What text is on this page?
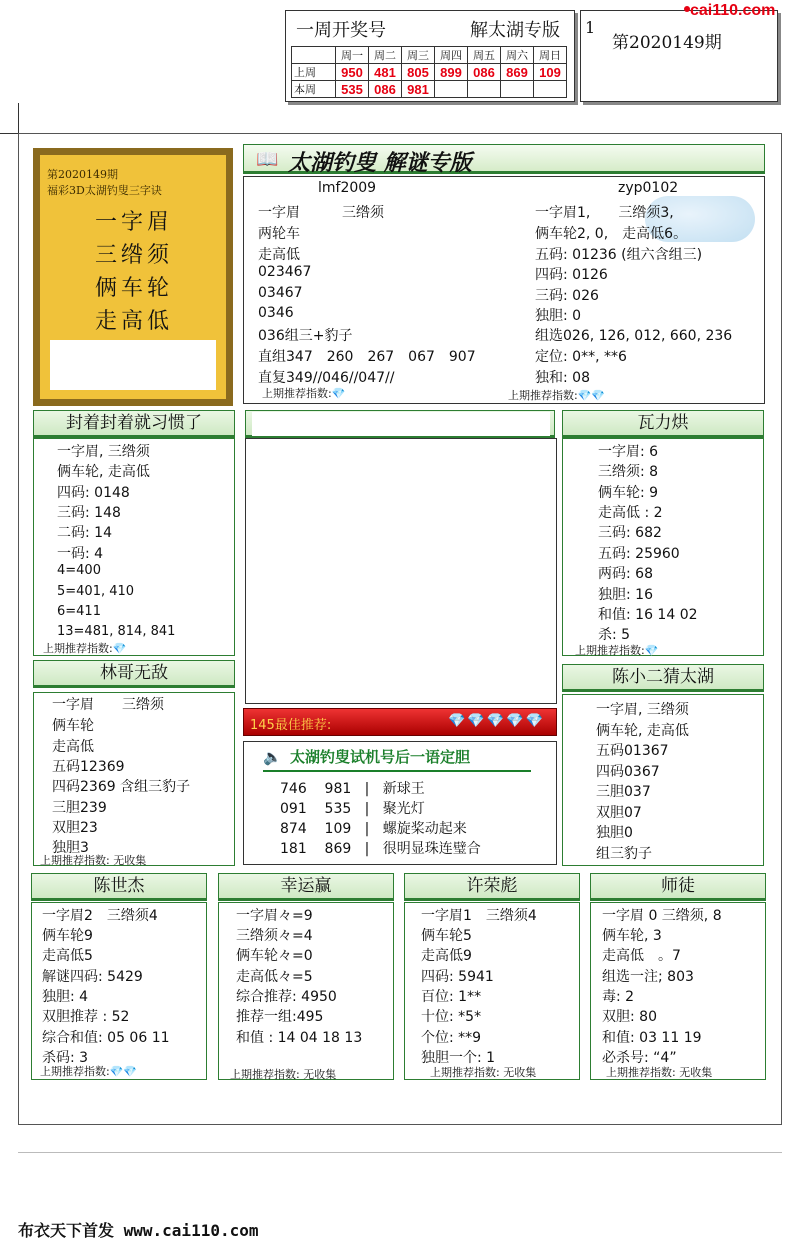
一周开奖号	解太湖专版 1
第2020149期
cai110.com
	周一	周二	周三	周四	周五	周六	周日
上周	950	481	805	899	086	869	109
本周	535	086	981				
第2020149期
福彩3D太湖钓叟三字诀
一字眉
三绺须
俩车轮
走高低
📖 太湖钓叟 解谜专版
lmf2009
一字眉　　　三绺须
两轮车
走高低
023467
03467
0346
036组三+豹子
直组347　260　267　067　907
直复349//046//047//
上期推荐指数:💎
zyp0102
一字眉1,　　三绺须3,
俩车轮2, 0,　走高低6。
五码: 01236 (组六含组三)
四码: 0126
三码: 026
独胆: 0
组选026, 126, 012, 660, 236
定位: 0**, **6
独和: 08
上期推荐指数:💎💎
封着封着就习惯了
一字眉, 三绺须
俩车轮, 走高低
四码: 0148
三码: 148
二码: 14
一码: 4
4=400
5=401, 410
6=411
13=481, 814, 841
上期推荐指数:💎
瓦力烘
一字眉: 6
三绺须: 8
俩车轮: 9
走高低 : 2
三码: 682
五码: 25960
两码: 68
独胆: 16
和值: 16 14 02
杀: 5
上期推荐指数:💎
林哥无敌
一字眉　　三绺须
俩车轮
走高低
五码12369
四码2369 含组三豹子
三胆239
双胆23
独胆3
上期推荐指数: 无收集
145最佳推荐:	💎💎💎💎💎
🔈 太湖钓叟试机号后一语定胆
746 981   |   新球王
091 535   |   聚光灯
874 109   |   螺旋桨动起来
181 869   |   很明显珠连璧合
陈小二猜太湖
一字眉, 三绺须
俩车轮, 走高低
五码01367
四码0367
三胆037
双胆07
独胆0
组三豹子
陈世杰	幸运赢	许荣彪	师徒
一字眉2　三绺须4
俩车轮9
走高低5
解谜四码: 5429
独胆: 4
双胆推荐 : 52
综合和值: 05 06 11
杀码: 3
上期推荐指数:💎💎
一字眉々=9
三绺须々=4
俩车轮々=0
走高低々=5
综合推荐: 4950
推荐一组:495
和值 : 14 04 18 13
上期推荐指数: 无收集
一字眉1　三绺须4
俩车轮5
走高低9
四码: 5941
百位: 1**
十位: *5*
个位: **9
独胆一个: 1
上期推荐指数: 无收集
一字眉 0 三绺须, 8
俩车轮, 3
走高低　。7
组选一注; 803
毒: 2
双胆: 80
和值: 03 11 19
必杀号: “4”
上期推荐指数: 无收集
布衣天下首发 www.cai110.com
